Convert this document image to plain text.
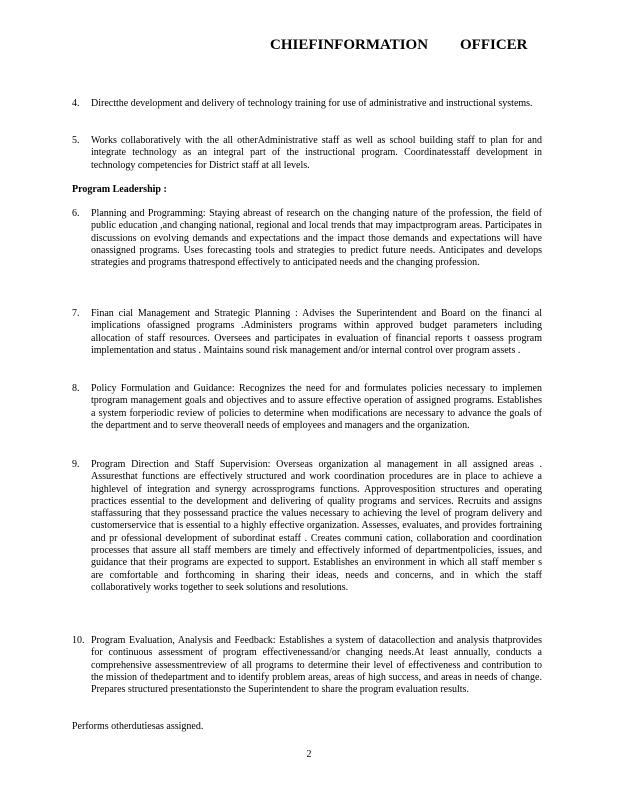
CHIEFINFORMATION OFFICER
4. Directthe development and delivery of technology training for use of administrative and instructional systems.
5. Works collaboratively with the all otherAdministrative staff as well as school building staff to plan for and integrate technology as an integral part of the instructional program. Coordinatesstaff development in technology competencies for District staff at all levels.
Program Leadership :
6. Planning and Programming: Staying abreast of research on the changing nature of the profession, the field of public education ,and changing national, regional and local trends that may impactprogram areas. Participates in discussions on evolving demands and expectations and the impact those demands and expectations will have onassigned programs. Uses forecasting tools and strategies to predict future needs. Anticipates and develops strategies and programs thatrespond effectively to anticipated needs and the changing profession.
7. Finan cial Management and Strategic Planning : Advises the Superintendent and Board on the financi al implications ofassigned programs .Administers programs within approved budget parameters including allocation of staff resources. Oversees and participates in evaluation of financial reports t oassess program implementation and status . Maintains sound risk management and/or internal control over program assets .
8. Policy Formulation and Guidance: Recognizes the need for and formulates policies necessary to implemen tprogram management goals and objectives and to assure effective operation of assigned programs. Establishes a system forperiodic review of policies to determine when modifications are necessary to advance the goals of the department and to serve theoverall needs of employees and managers and the organization.
9. Program Direction and Staff Supervision: Overseas organization al management in all assigned areas . Assuresthat functions are effectively structured and work coordination procedures are in place to achieve a highlevel of integration and synergy acrossprograms functions. Approvesposition structures and operating practices essential to the development and delivering of quality programs and services. Recruits and assigns staffassuring that they possessand practice the values necessary to achieving the level of program delivery and customerservice that is essential to a highly effective organization. Assesses, evaluates, and provides fortraining and pr ofessional development of subordinat estaff . Creates communi cation, collaboration and coordination processes that assure all staff members are timely and effectively informed of departmentpolicies, issues, and guidance that their programs are expected to support. Establishes an environment in which all staff member s are comfortable and forthcoming in sharing their ideas, needs and concerns, and in which the staff collaboratively works together to seek solutions and resolutions.
10. Program Evaluation, Analysis and Feedback: Establishes a system of datacollection and analysis thatprovides for continuous assessment of program effectivenessand/or changing needs.At least annually, conducts a comprehensive assessmentreview of all programs to determine their level of effectiveness and contribution to the mission of thedepartment and to identify problem areas, areas of high success, and areas in needs of change. Prepares structured presentationsto the Superintendent to share the program evaluation results.
Performs otherdutiesas assigned.
2
